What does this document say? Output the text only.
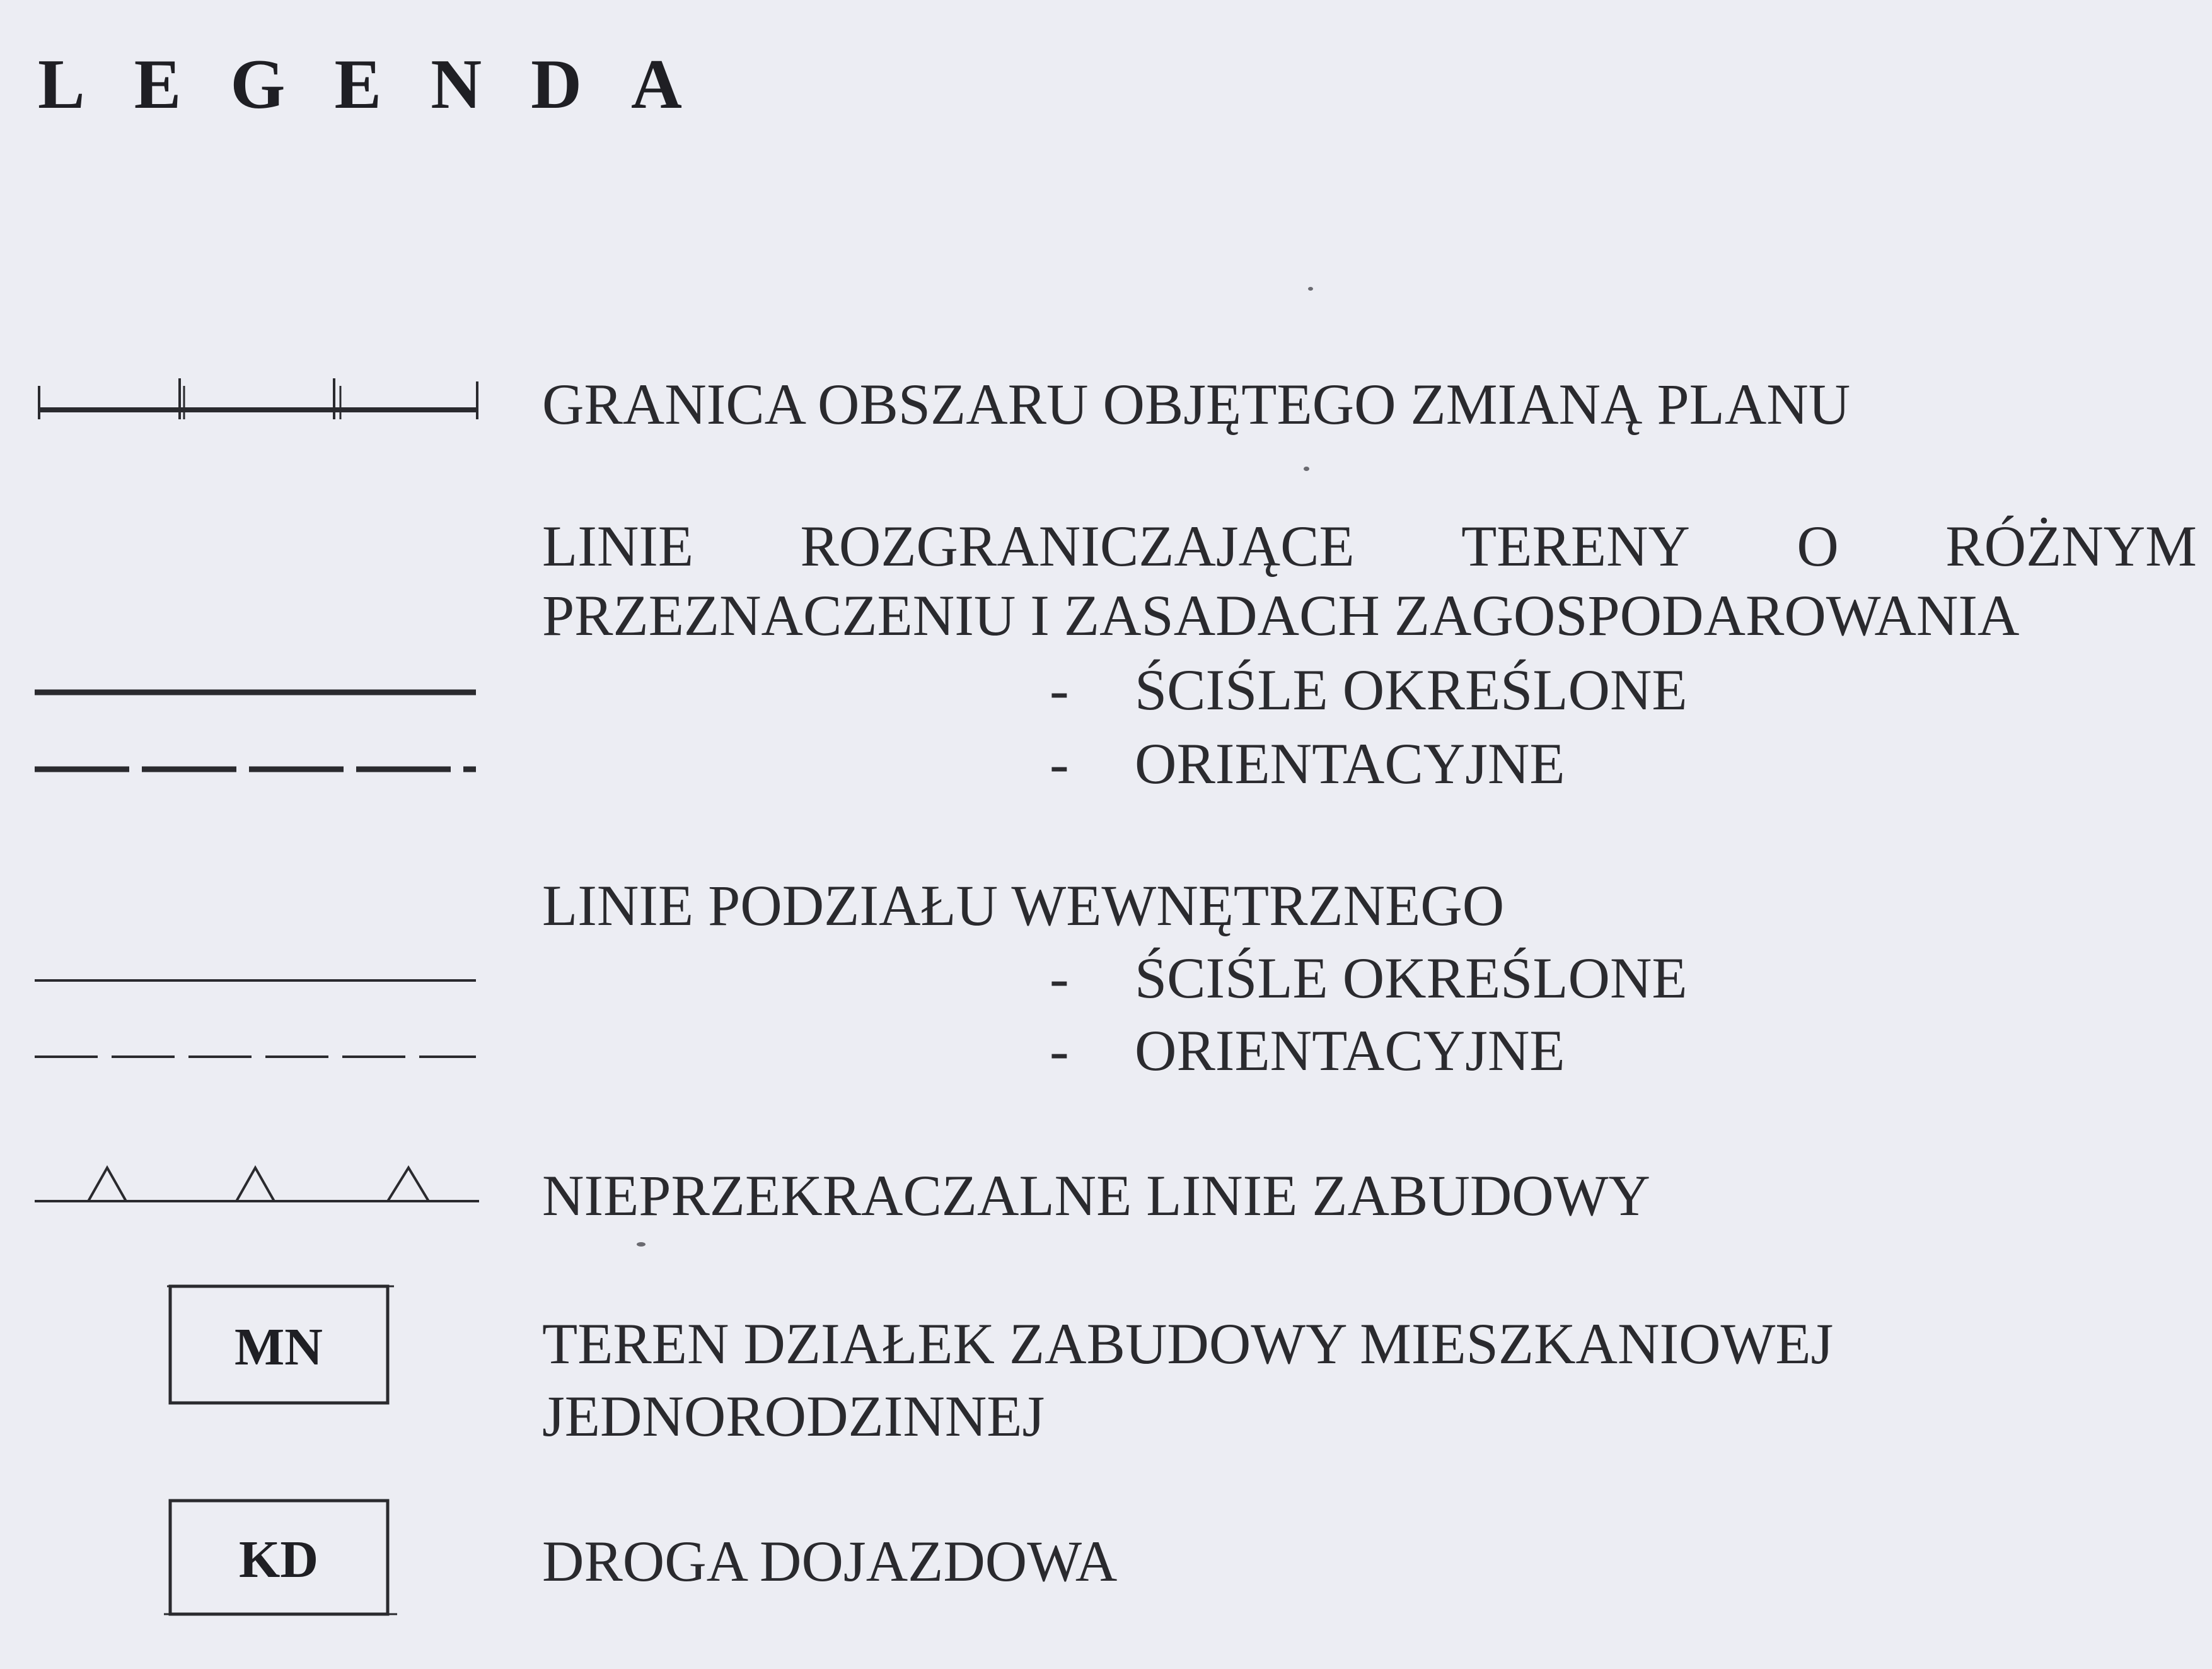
LEGENDA
MN
KD
GRANICA OBSZARU OBJĘTEGO ZMIANĄ PLANU
LINIE ROZGRANICZAJĄCE TERENY O RÓŻNYM
PRZEZNACZENIU I ZASADACH ZAGOSPODAROWANIA
- ŚCIŚLE OKREŚLONE
- ORIENTACYJNE
LINIE PODZIAŁU WEWNĘTRZNEGO
- ŚCIŚLE OKREŚLONE
- ORIENTACYJNE
NIEPRZEKRACZALNE LINIE ZABUDOWY
TEREN DZIAŁEK ZABUDOWY MIESZKANIOWEJ
JEDNORODZINNEJ
DROGA DOJAZDOWA
